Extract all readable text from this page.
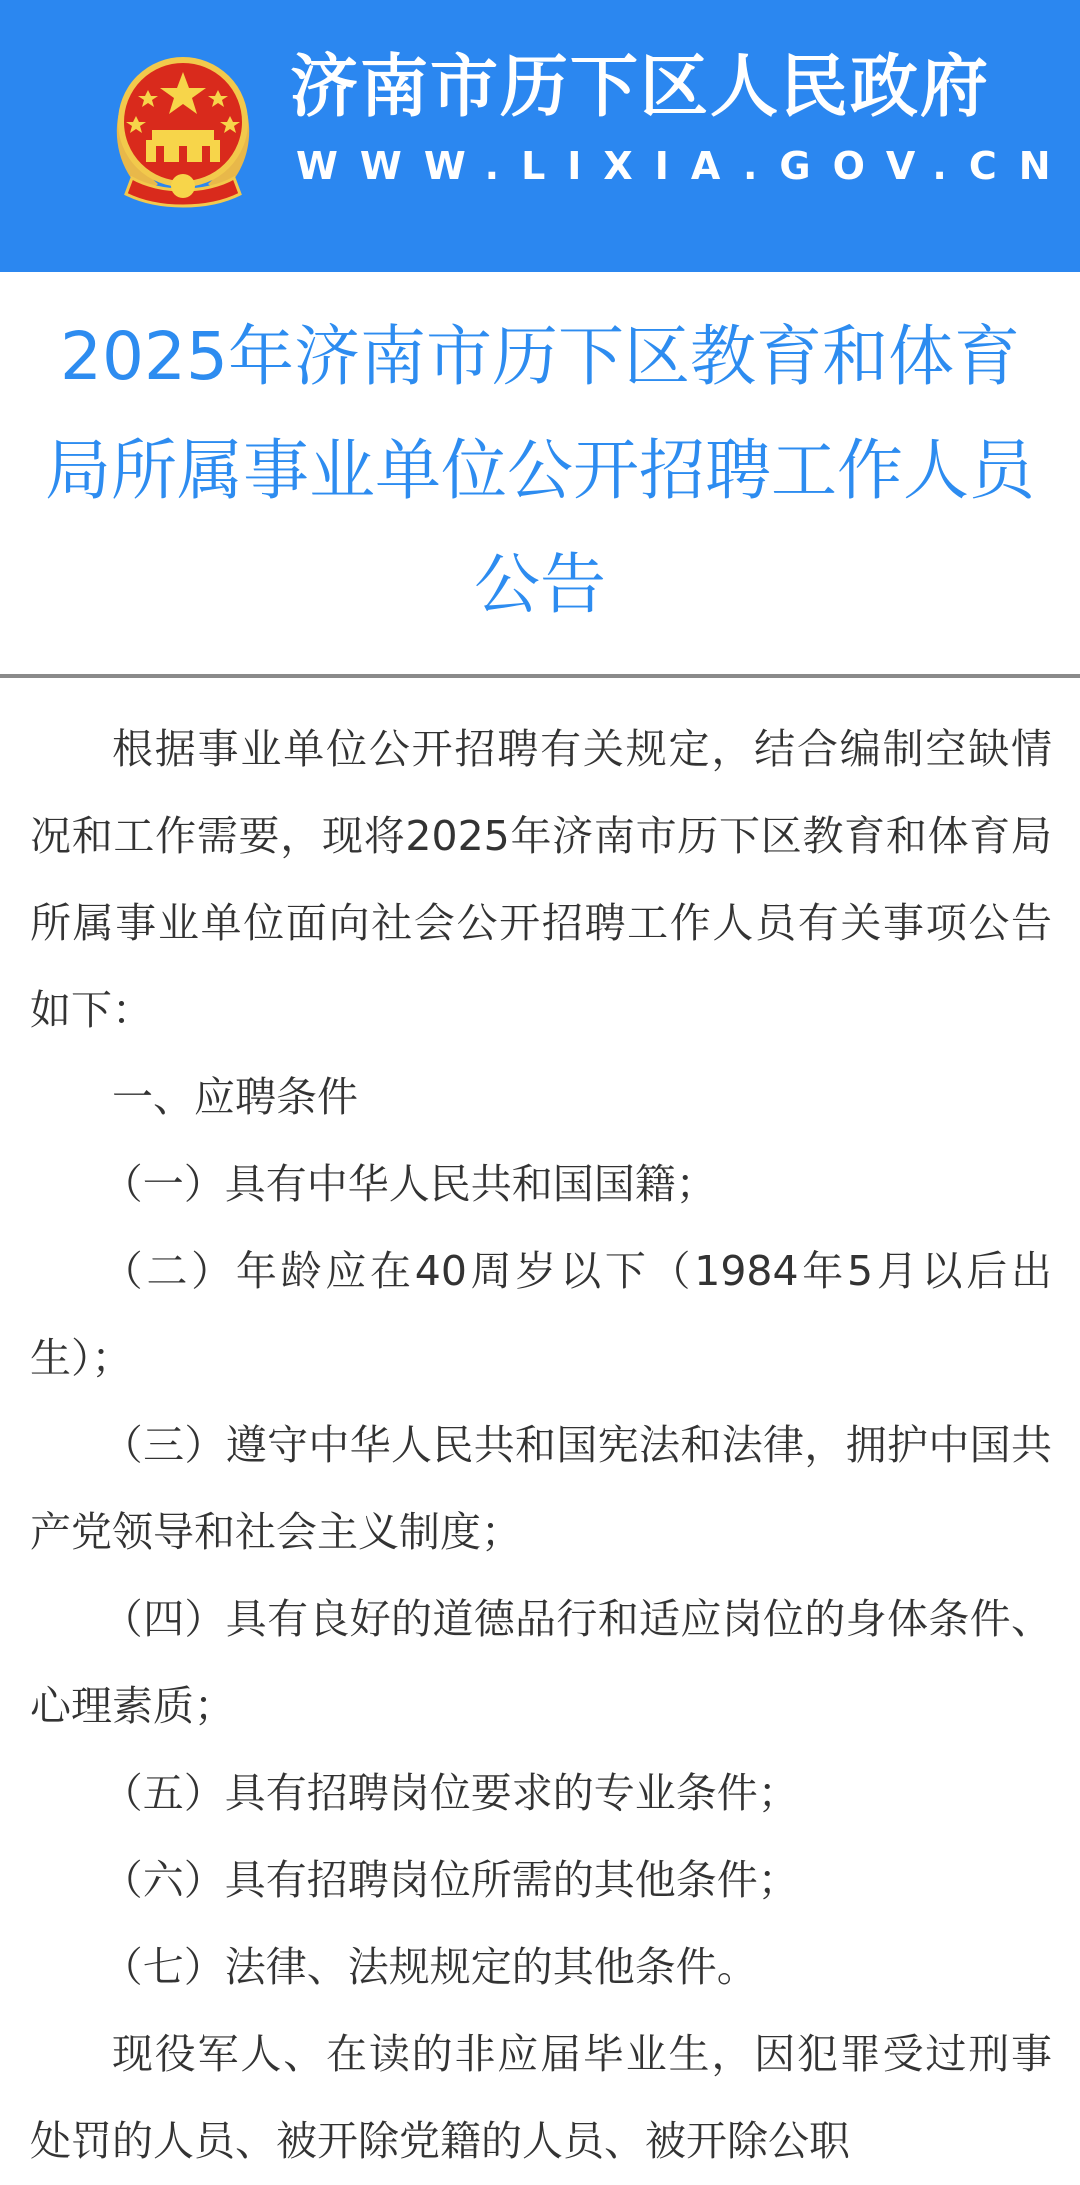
济南市历下区人民政府
WWW.LIXIA.GOV.CN
2025年济南市历下区教育和体育局所属事业单位公开招聘工作人员公告

根据事业单位公开招聘有关规定，结合编制空缺情况和工作需要，现将2025年济南市历下区教育和体育局所属事业单位面向社会公开招聘工作人员有关事项公告如下：

一、应聘条件

（一）具有中华人民共和国国籍；

（二）年龄应在40周岁以下（1984年5月以后出生）；

（三）遵守中华人民共和国宪法和法律，拥护中国共产党领导和社会主义制度；

（四）具有良好的道德品行和适应岗位的身体条件、心理素质；

（五）具有招聘岗位要求的专业条件；

（六）具有招聘岗位所需的其他条件；

（七）法律、法规规定的其他条件。

现役军人、在读的非应届毕业生，因犯罪受过刑事处罚的人员、被开除党籍的人员、被开除公职
